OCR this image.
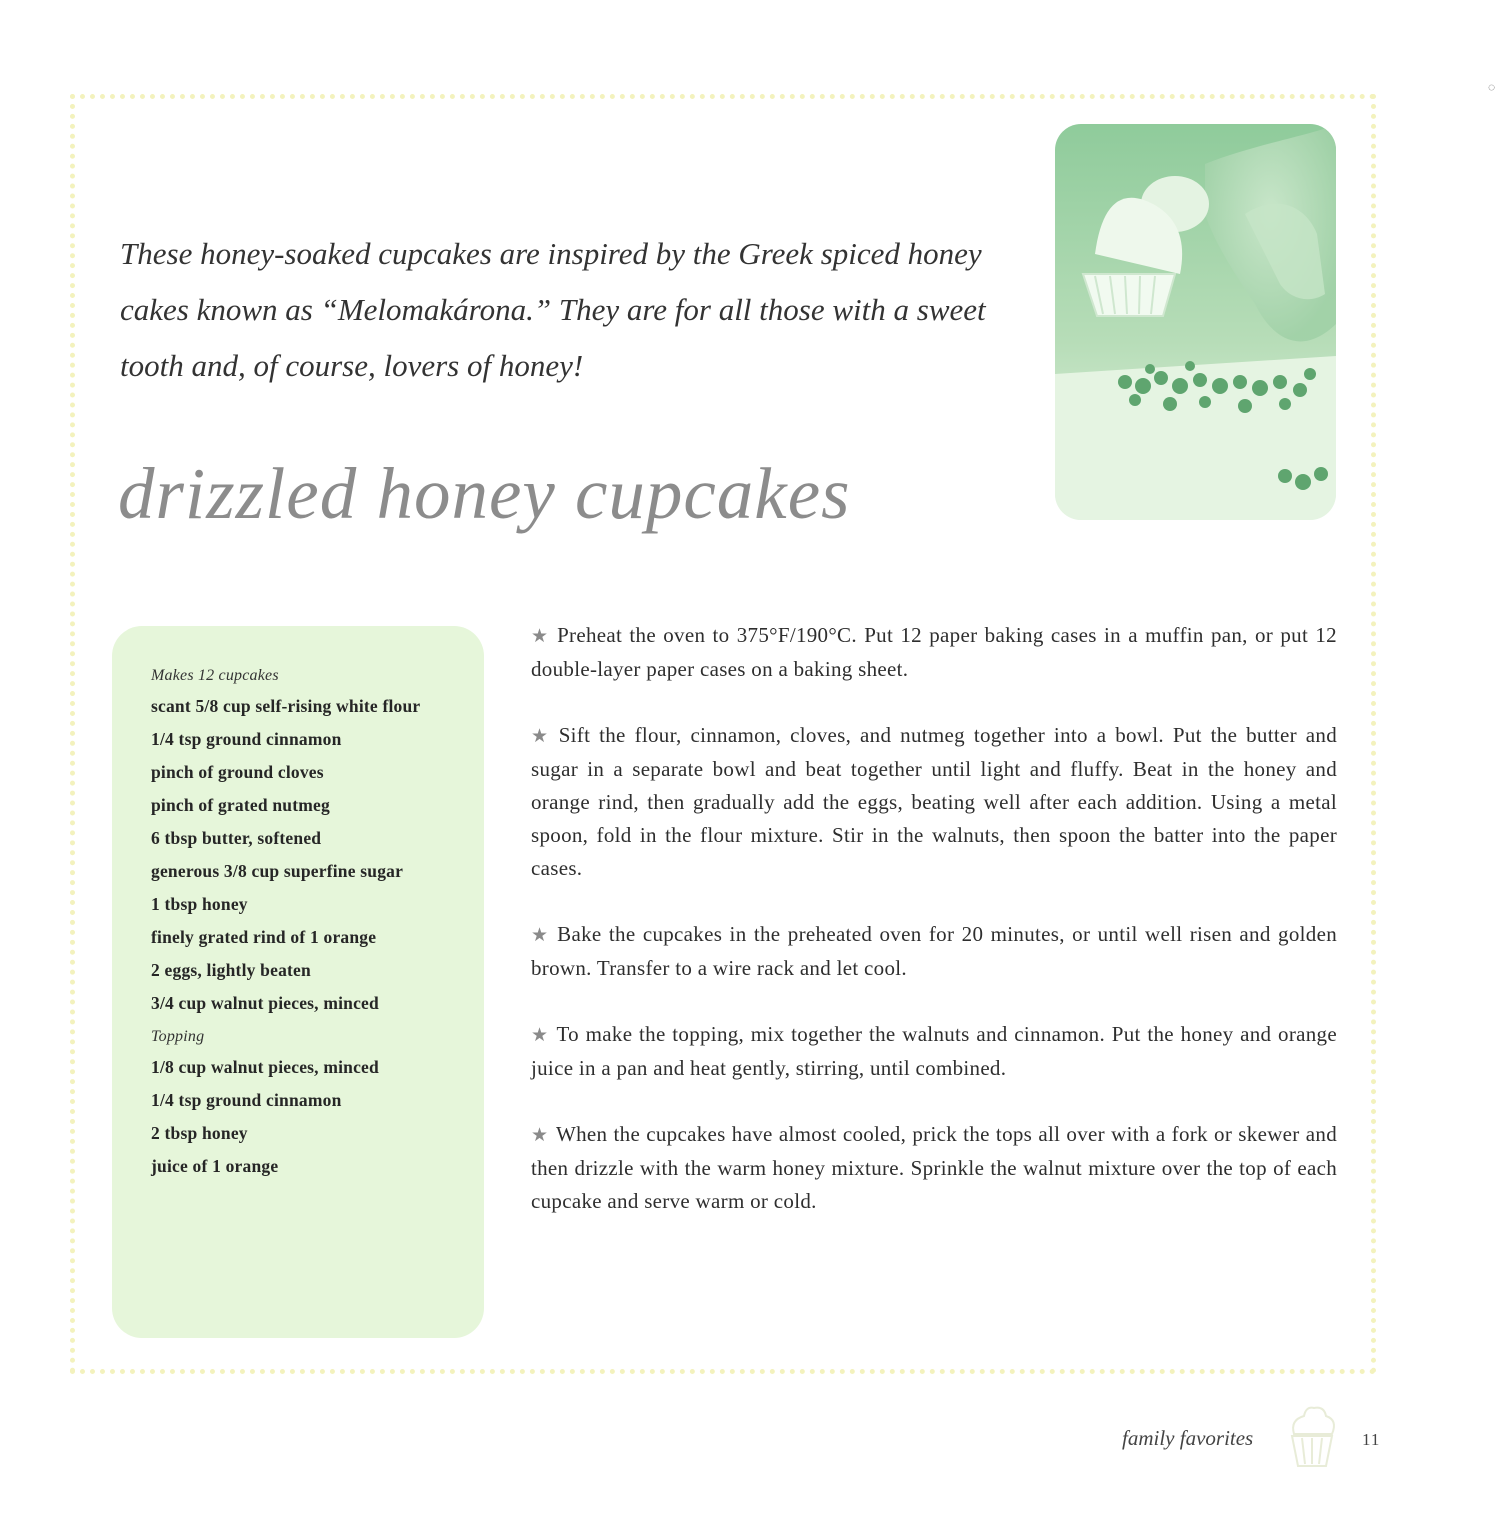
These honey-soaked cupcakes are inspired by the Greek spiced honey cakes known as “Melomakárona.” They are for all those with a sweet tooth and, of course, lovers of honey!

drizzled honey cupcakes
Makes 12 cupcakes
scant 5/8 cup self-rising white flour
1/4 tsp ground cinnamon
pinch of ground cloves
pinch of grated nutmeg
6 tbsp butter, softened
generous 3/8 cup superfine sugar
1 tbsp honey
finely grated rind of 1 orange
2 eggs, lightly beaten
3/4 cup walnut pieces, minced
Topping
1/8 cup walnut pieces, minced
1/4 tsp ground cinnamon
2 tbsp honey
juice of 1 orange

★ Preheat the oven to 375°F/190°C. Put 12 paper baking cases in a muffin pan, or put 12 double-layer paper cases on a baking sheet.

★ Sift the flour, cinnamon, cloves, and nutmeg together into a bowl. Put the butter and sugar in a separate bowl and beat together until light and fluffy. Beat in the honey and orange rind, then gradually add the eggs, beating well after each addition. Using a metal spoon, fold in the flour mixture. Stir in the walnuts, then spoon the batter into the paper cases.

★ Bake the cupcakes in the preheated oven for 20 minutes, or until well risen and golden brown. Transfer to a wire rack and let cool.

★ To make the topping, mix together the walnuts and cinnamon. Put the honey and orange juice in a pan and heat gently, stirring, until combined.

★ When the cupcakes have almost cooled, prick the tops all over with a fork or skewer and then drizzle with the warm honey mixture. Sprinkle the walnut mixture over the top of each cupcake and serve warm or cold.

family favorites	11
◌
